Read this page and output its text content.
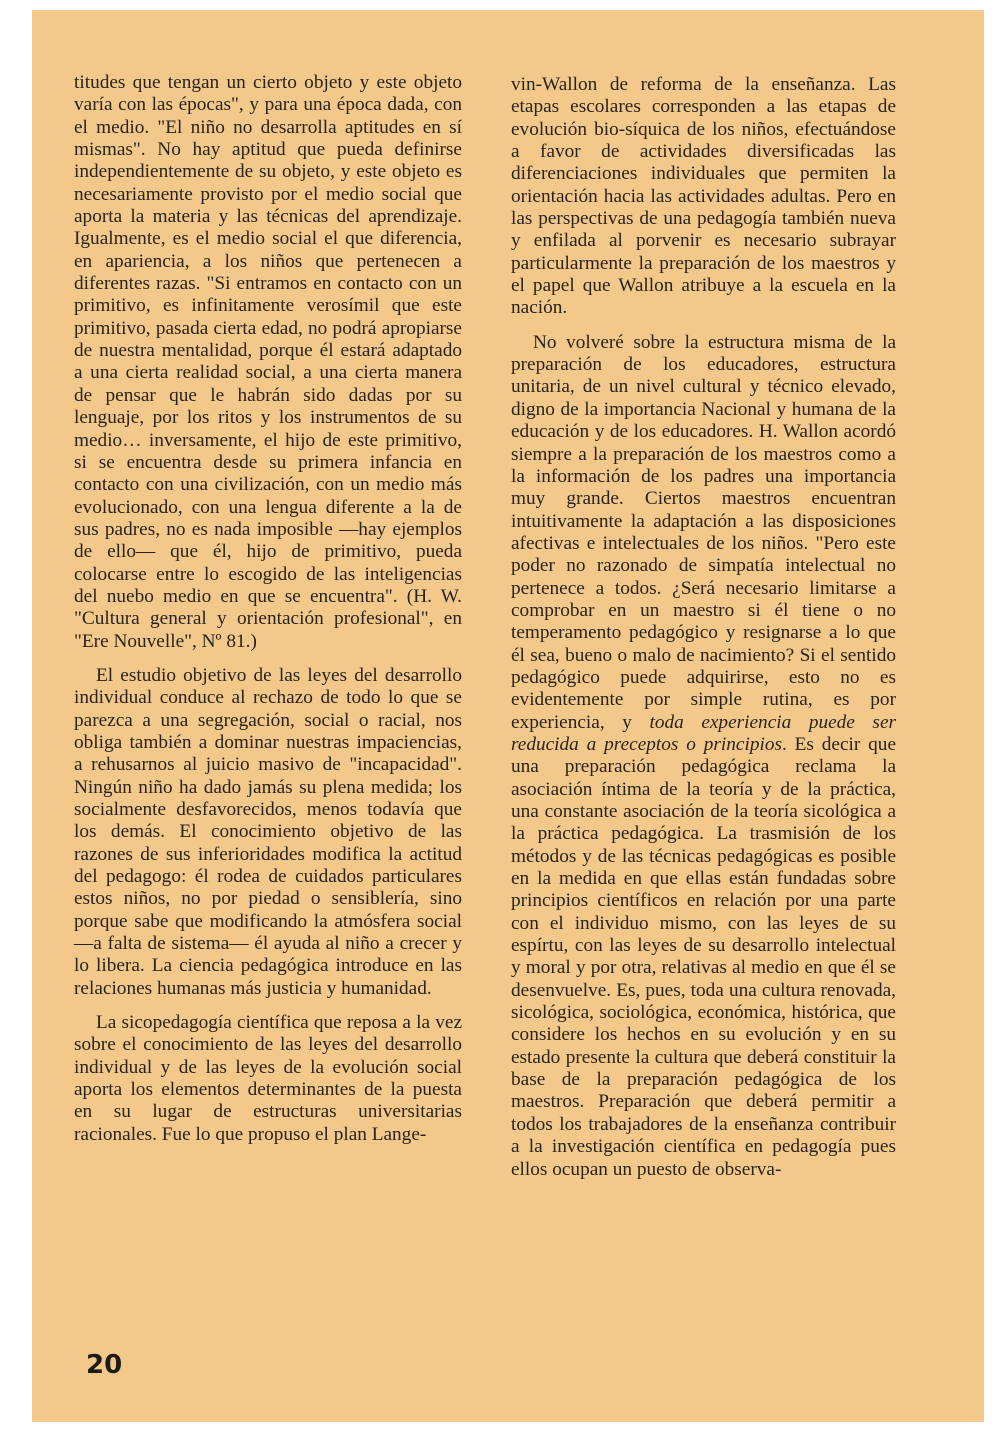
titudes que tengan un cierto objeto y este objeto varía con las épocas", y para una época dada, con el medio. "El niño no desarrolla aptitudes en sí mismas". No hay aptitud que pueda definirse independientemente de su objeto, y este objeto es necesariamente provisto por el medio social que aporta la materia y las técnicas del aprendizaje. Igualmente, es el medio social el que diferencia, en apariencia, a los niños que pertenecen a diferentes razas. "Si entramos en contacto con un primitivo, es infinitamente verosímil que este primitivo, pasada cierta edad, no podrá apropiarse de nuestra mentalidad, porque él estará adaptado a una cierta realidad social, a una cierta manera de pensar que le habrán sido dadas por su lenguaje, por los ritos y los instrumentos de su medio… inversamente, el hijo de este primitivo, si se encuentra desde su primera infancia en contacto con una civilización, con un medio más evolucionado, con una lengua diferente a la de sus padres, no es nada imposible —hay ejemplos de ello— que él, hijo de primitivo, pueda colocarse entre lo escogido de las inteligencias del nuebo medio en que se encuentra". (H. W. "Cultura general y orientación profesional", en "Ere Nouvelle", Nº 81.)

El estudio objetivo de las leyes del desarrollo individual conduce al rechazo de todo lo que se parezca a una segregación, social o racial, nos obliga también a dominar nuestras impaciencias, a rehusarnos al juicio masivo de "incapacidad". Ningún niño ha dado jamás su plena medida; los socialmente desfavorecidos, menos todavía que los demás. El conocimiento objetivo de las razones de sus inferioridades modifica la actitud del pedagogo: él rodea de cuidados particulares estos niños, no por piedad o sensiblería, sino porque sabe que modificando la atmósfera social —a falta de sistema— él ayuda al niño a crecer y lo libera. La ciencia pedagógica introduce en las relaciones humanas más justicia y humanidad.

La sicopedagogía científica que reposa a la vez sobre el conocimiento de las leyes del desarrollo individual y de las leyes de la evolución social aporta los elementos determinantes de la puesta en su lugar de estructuras universitarias racionales. Fue lo que propuso el plan Lange-

vin-Wallon de reforma de la enseñanza. Las etapas escolares corresponden a las etapas de evolución bio-síquica de los niños, efectuándose a favor de actividades diversificadas las diferenciaciones individuales que permiten la orientación hacia las actividades adultas. Pero en las perspectivas de una pedagogía también nueva y enfilada al porvenir es necesario subrayar particularmente la preparación de los maestros y el papel que Wallon atribuye a la escuela en la nación.

No volveré sobre la estructura misma de la preparación de los educadores, estructura unitaria, de un nivel cultural y técnico elevado, digno de la importancia Nacional y humana de la educación y de los educadores. H. Wallon acordó siempre a la preparación de los maestros como a la información de los padres una importancia muy grande. Ciertos maestros encuentran intuitivamente la adaptación a las disposiciones afectivas e intelectuales de los niños. "Pero este poder no razonado de simpatía intelectual no pertenece a todos. ¿Será necesario limitarse a comprobar en un maestro si él tiene o no temperamento pedagógico y resignarse a lo que él sea, bueno o malo de nacimiento? Si el sentido pedagógico puede adquirirse, esto no es evidentemente por simple rutina, es por experiencia, y toda experiencia puede ser reducida a preceptos o principios. Es decir que una preparación pedagógica reclama la asociación íntima de la teoría y de la práctica, una constante asociación de la teoría sicológica a la práctica pedagógica. La trasmisión de los métodos y de las técnicas pedagógicas es posible en la medida en que ellas están fundadas sobre principios científicos en relación por una parte con el individuo mismo, con las leyes de su espírtu, con las leyes de su desarrollo intelectual y moral y por otra, relativas al medio en que él se desenvuelve. Es, pues, toda una cultura renovada, sicológica, sociológica, económica, histórica, que considere los hechos en su evolución y en su estado presente la cultura que deberá constituir la base de la preparación pedagógica de los maestros. Preparación que deberá permitir a todos los trabajadores de la enseñanza contribuir a la investigación científica en pedagogía pues ellos ocupan un puesto de observa-

20
